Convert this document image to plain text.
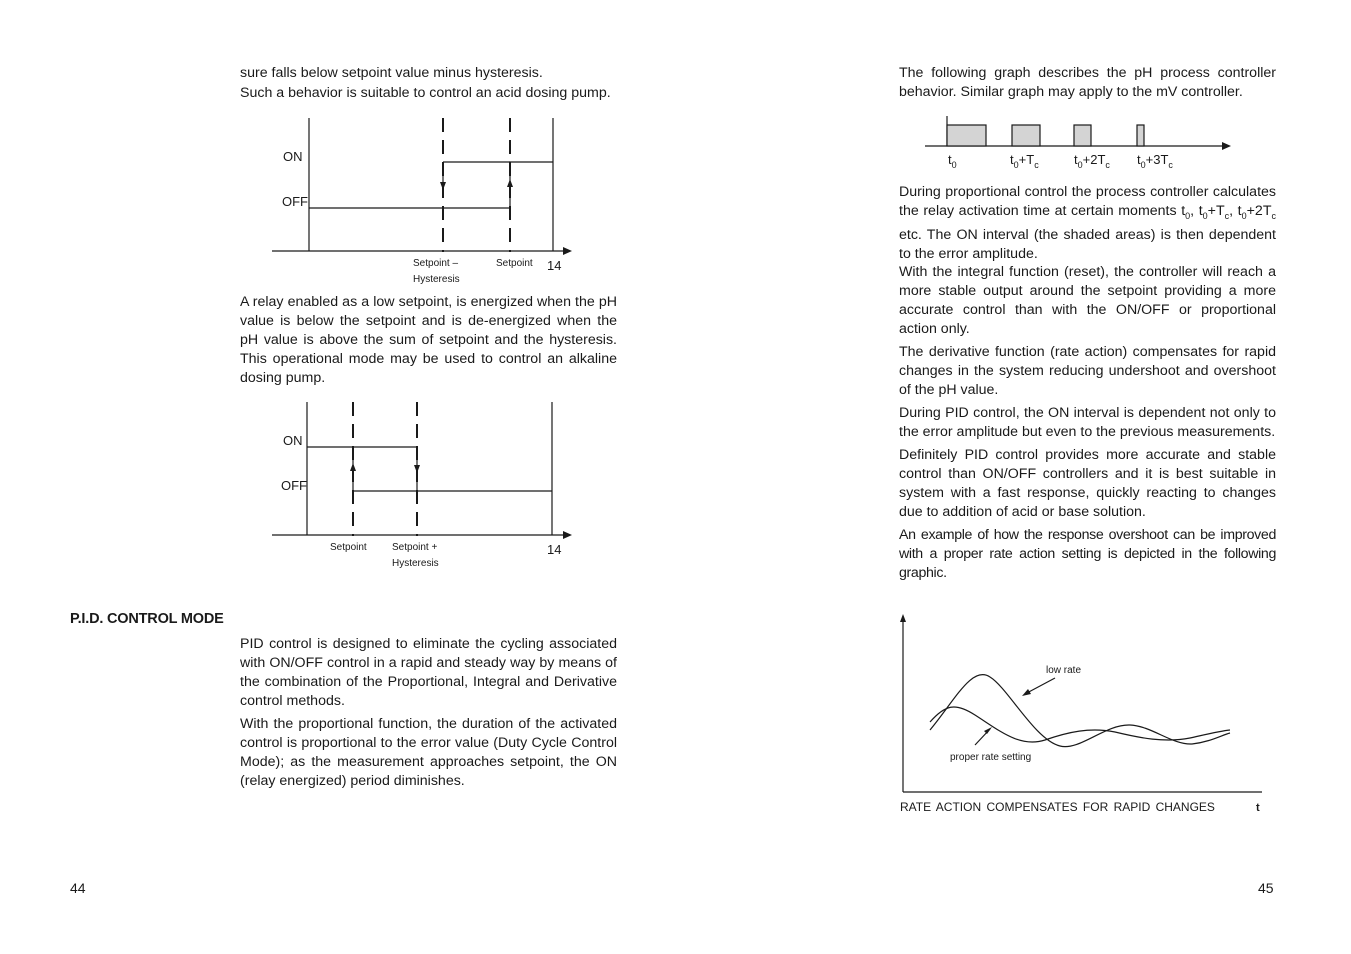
sure falls below setpoint value minus hysteresis.

Such a behavior is suitable to control an acid dosing pump.

ON
OFF
Setpoint –
Hysteresis
Setpoint 14

A relay enabled as a low setpoint, is energized when the pH value is below the setpoint and is de-energized when the pH value is above the sum of setpoint and the hysteresis. This operational mode may be used to control an alkaline dosing pump.

ON
OFF
Setpoint	Setpoint +
Hysteresis
14

P.I.D. CONTROL MODE

PID control is designed to eliminate the cycling associated with ON/OFF control in a rapid and steady way by means of the combination of the Proportional, Integral and Derivative control methods.

With the proportional function, the duration of the activated control is proportional to the error value (Duty Cycle Control Mode); as the measurement approaches setpoint, the ON (relay energized) period diminishes.

44

The following graph describes the pH process controller behavior. Similar graph may apply to the mV controller.

$t_0$	$t_0+T_c$	$t_0+2T_c$ $t_0+3T_c$

During proportional control the process controller calculates the relay activation time at certain moments $t_0$, $t_0+T_c$, $t_0+2T_c$ etc. The ON interval (the shaded areas) is then dependent to the error amplitude.

With the integral function (reset), the controller will reach a more stable output around the setpoint providing a more accurate control than with the ON/OFF or proportional action only.

The derivative function (rate action) compensates for rapid changes in the system reducing undershoot and overshoot of the pH value.

During PID control, the ON interval is dependent not only to the error amplitude but even to the previous measurements.

Definitely PID control provides more accurate and stable control than ON/OFF controllers and it is best suitable in system with a fast response, quickly reacting to changes due to addition of acid or base solution.

An example of how the response overshoot can be improved with a proper rate action setting is depicted in the following graphic.

low rate
proper rate setting
RATE ACTION COMPENSATES FOR RAPID CHANGES	t
45
